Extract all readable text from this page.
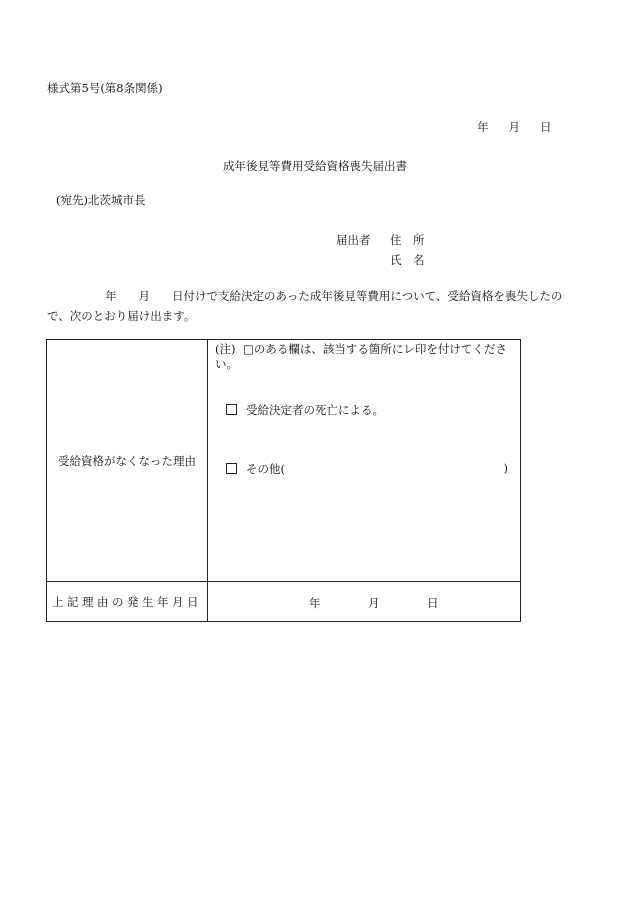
様式第5号(第8条関係)
年 月 日
成年後見等費用受給資格喪失届出書
(宛先)北茨城市長
届出者	住　所
氏　名
年 月 日付けで支給決定のあった成年後見等費用について、受給資格を喪失したので、次のとおり届け出ます。
受給資格がなくなった理由	(注) □のある欄は、該当する箇所にレ印を付けてください。
受給決定者の死亡による。
その他( )

上記理由の発生年月日	年 月 日
